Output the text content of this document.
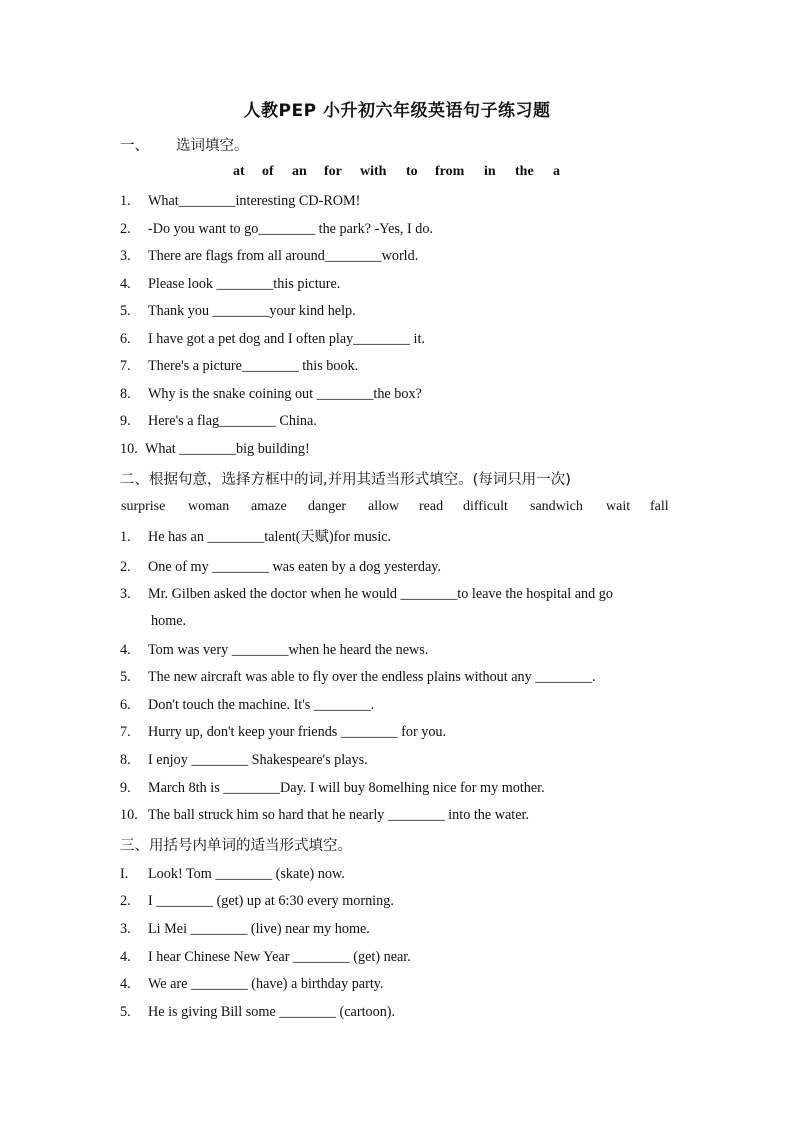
人教PEP 小升初六年级英语句子练习题
一、 选词填空。
at of an for with to from in the a
1. What________interesting CD-ROM!
2. -Do you want to go________ the park? -Yes, I do.
3. There are flags from all around________world.
4. Please look ________this picture.
5. Thank you ________your kind help.
6. I have got a pet dog and I often play________ it.
7. There's a picture________ this book.
8. Why is the snake coining out ________the box?
9. Here's a flag________ China.
10. What ________big building!
二、根据句意，选择方框中的词,并用其适当形式填空。(每词只用一次)
surprise woman amaze danger allow read difficult sandwich wait fall
1. He has an ________talent(天赋)for music.
2. One of my ________ was eaten by a dog yesterday.
3. Mr. Gilben asked the doctor when he would ________to leave the hospital and go
home.
4. Tom was very ________when he heard the news.
5. The new aircraft was able to fly over the endless plains without any ________.
6. Don't touch the machine. It's ________.
7. Hurry up, don't keep your friends ________ for you.
8. I enjoy ________ Shakespeare's plays.
9. March 8th is ________Day. I will buy 8omelhing nice for my mother.
10. The ball struck him so hard that he nearly ________ into the water.
三、用括号内单词的适当形式填空。
I. Look! Tom ________ (skate) now.
2. I ________ (get) up at 6:30 every morning.
3. Li Mei ________ (live) near my home.
4. I hear Chinese New Year ________ (get) near.
4. We are ________ (have) a birthday party.
5. He is giving Bill some ________ (cartoon).
